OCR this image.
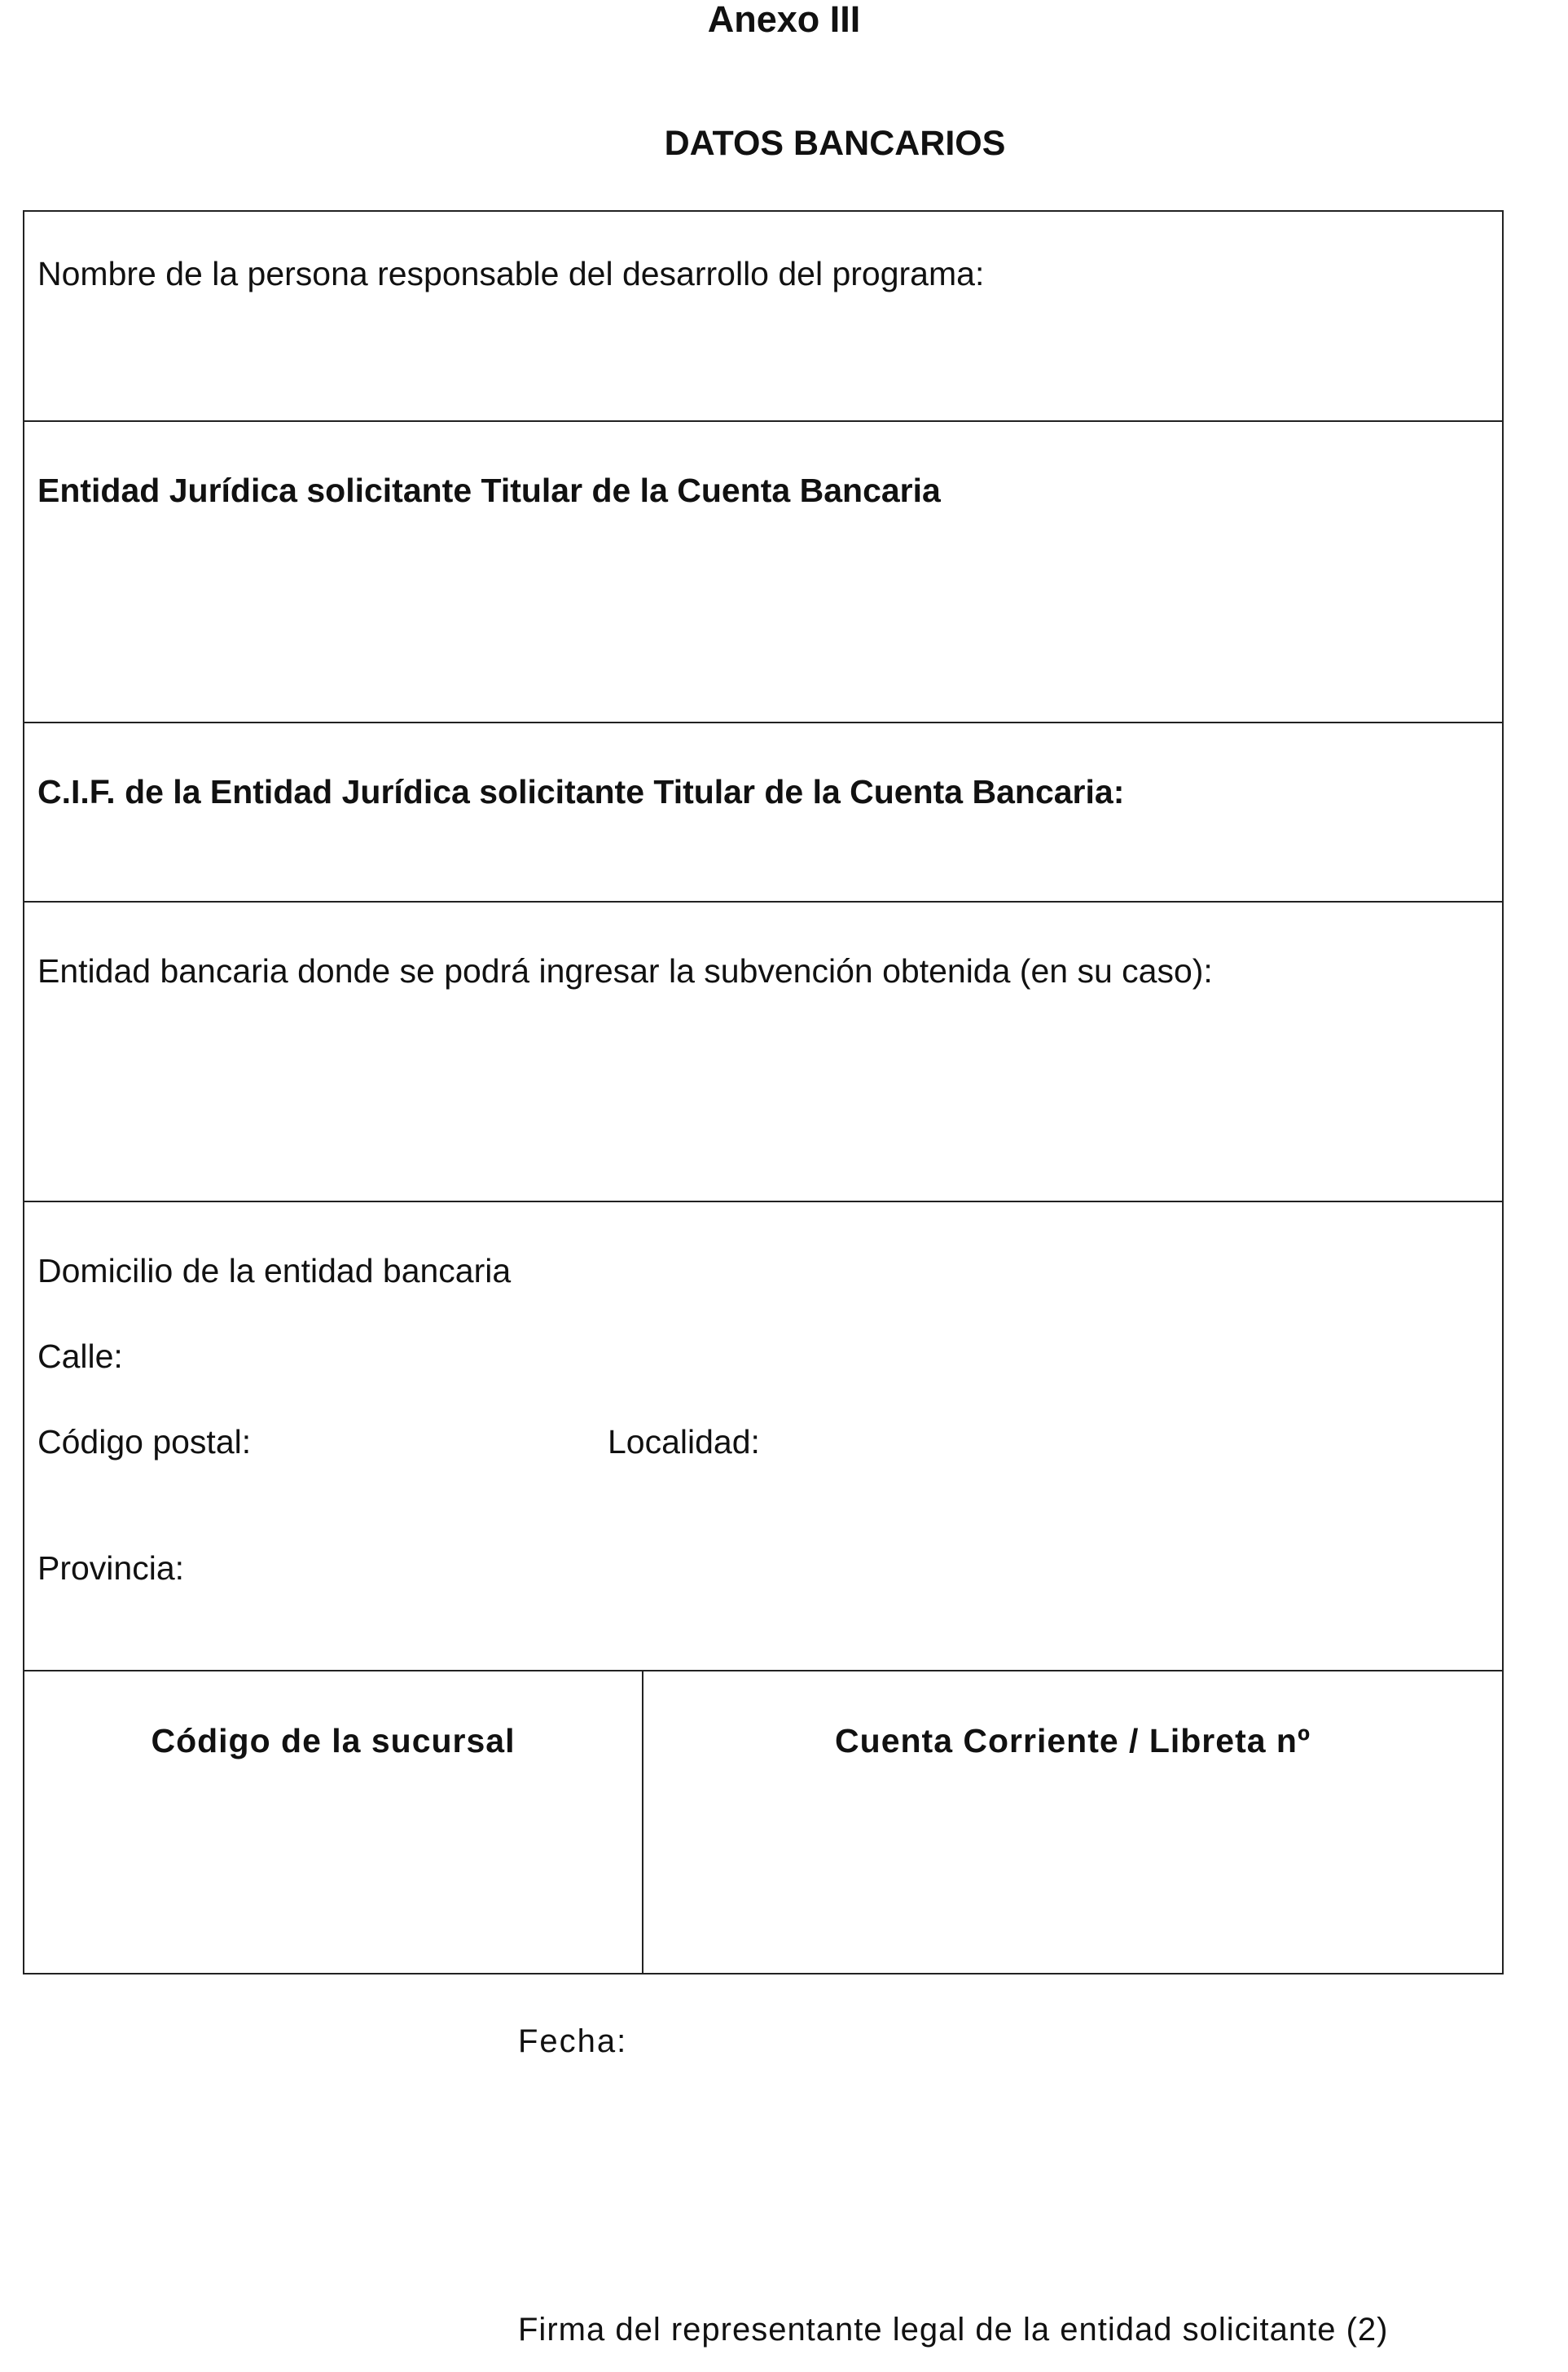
Anexo III
DATOS BANCARIOS
Nombre de la persona responsable del desarrollo del programa:
Entidad Jurídica solicitante Titular de la Cuenta Bancaria
C.I.F. de la Entidad Jurídica solicitante Titular de la Cuenta Bancaria:
Entidad bancaria donde se podrá ingresar la subvención obtenida (en su caso):
Domicilio de la entidad bancaria
Calle:
Código postal:	Localidad:
Provincia:
Código de la sucursal	Cuenta Corriente / Libreta nº
Fecha:
Firma del representante legal de la entidad solicitante (2)
